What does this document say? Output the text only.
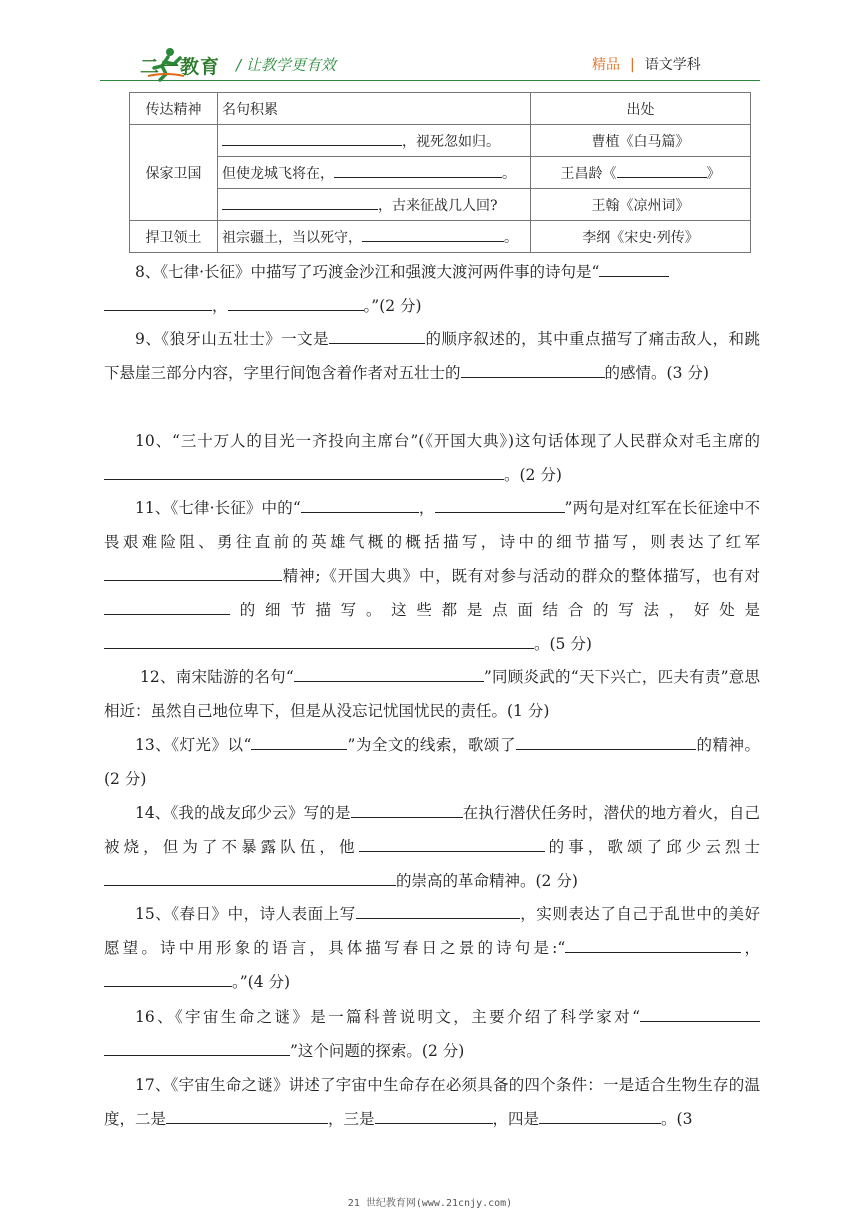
二一教育 / 让教学更有效	精品 | 语文学科
传达精神	名句积累	出处
保家卫国	，视死忽如归。	曹植《白马篇》
	但使龙城飞将在， 。	王昌龄《 》
	，古来征战几人回?	王翰《凉州词》
捍卫领土	祖宗疆土，当以死守， 。	李纲《宋史·列传》

8、《七律·长征》中描写了巧渡金沙江和强渡大渡河两件事的诗句是“

，	。”(2 分)

9、《狼牙山五壮士》一文是	的顺序叙述的，其中重点描写了痛击敌人，和跳下悬崖三部分内容，字里行间饱含着作者对五壮士的	的感情。(3 分)

10、“三十万人的目光一齐投向主席台”(《开国大典》)这句话体现了人民群众对毛主席的。(2 分)

11、《七律·长征》中的“	，	”两句是对红军在长征途中不畏艰难险阻、勇往直前的英雄气概的概括描写，诗中的细节描写，则表达了红军精神;《开国大典》中，既有对参与活动的群众的整体描写，也有对的细节描写。这些都是点面结合的写法，好处是。(5 分)

12、南宋陆游的名句“	”同顾炎武的“天下兴亡，匹夫有责”意思相近：虽然自己地位卑下，但是从没忘记忧国忧民的责任。(1 分)

13、《灯光》以“	”为全文的线索，歌颂了	的精神。(2 分)

14、《我的战友邱少云》写的是	在执行潜伏任务时，潜伏的地方着火，自己被烧，但为了不暴露队伍，他	的事，歌颂了邱少云烈士的崇高的革命精神。(2 分)

15、《春日》中，诗人表面上写	，实则表达了自己于乱世中的美好愿望。诗中用形象的语言，具体描写春日之景的诗句是:“	，。”(4 分)

16、《宇宙生命之谜》是一篇科普说明文，主要介绍了科学家对“”这个问题的探索。(2 分)

17、《宇宙生命之谜》讲述了宇宙中生命存在必须具备的四个条件：一是适合生物生存的温度，二是	，三是	，四是	。(3

21 世纪教育网(www.21cnjy.com)
